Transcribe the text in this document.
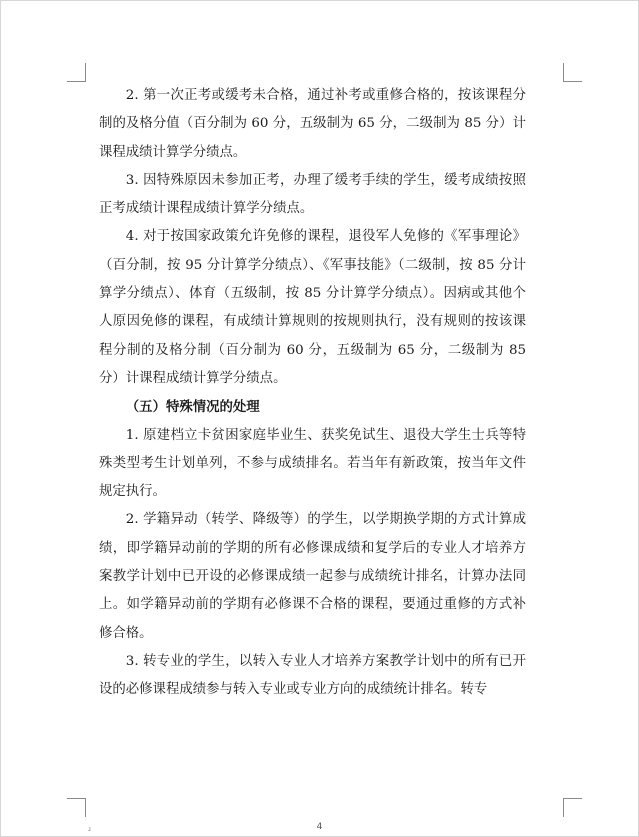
2. 第一次正考或缓考未合格，通过补考或重修合格的，按该课程分制的及格分值（百分制为 60 分，五级制为 65 分，二级制为 85 分）计课程成绩计算学分绩点。

3. 因特殊原因未参加正考，办理了缓考手续的学生，缓考成绩按照正考成绩计课程成绩计算学分绩点。

4. 对于按国家政策允许免修的课程，退役军人免修的《军事理论》（百分制，按 95 分计算学分绩点）、《军事技能》（二级制，按 85 分计算学分绩点）、体育（五级制，按 85 分计算学分绩点）。因病或其他个人原因免修的课程，有成绩计算规则的按规则执行，没有规则的按该课程分制的及格分制（百分制为 60 分，五级制为 65 分，二级制为 85 分）计课程成绩计算学分绩点。

（五）特殊情况的处理

1. 原建档立卡贫困家庭毕业生、获奖免试生、退役大学生士兵等特殊类型考生计划单列，不参与成绩排名。若当年有新政策，按当年文件规定执行。

2. 学籍异动（转学、降级等）的学生，以学期换学期的方式计算成绩，即学籍异动前的学期的所有必修课成绩和复学后的专业人才培养方案教学计划中已开设的必修课成绩一起参与成绩统计排名，计算办法同上。如学籍异动前的学期有必修课不合格的课程，要通过重修的方式补修合格。

3. 转专业的学生，以转入专业人才培养方案教学计划中的所有已开设的必修课程成绩参与转入专业或专业方向的成绩统计排名。转专

ɹ	4
